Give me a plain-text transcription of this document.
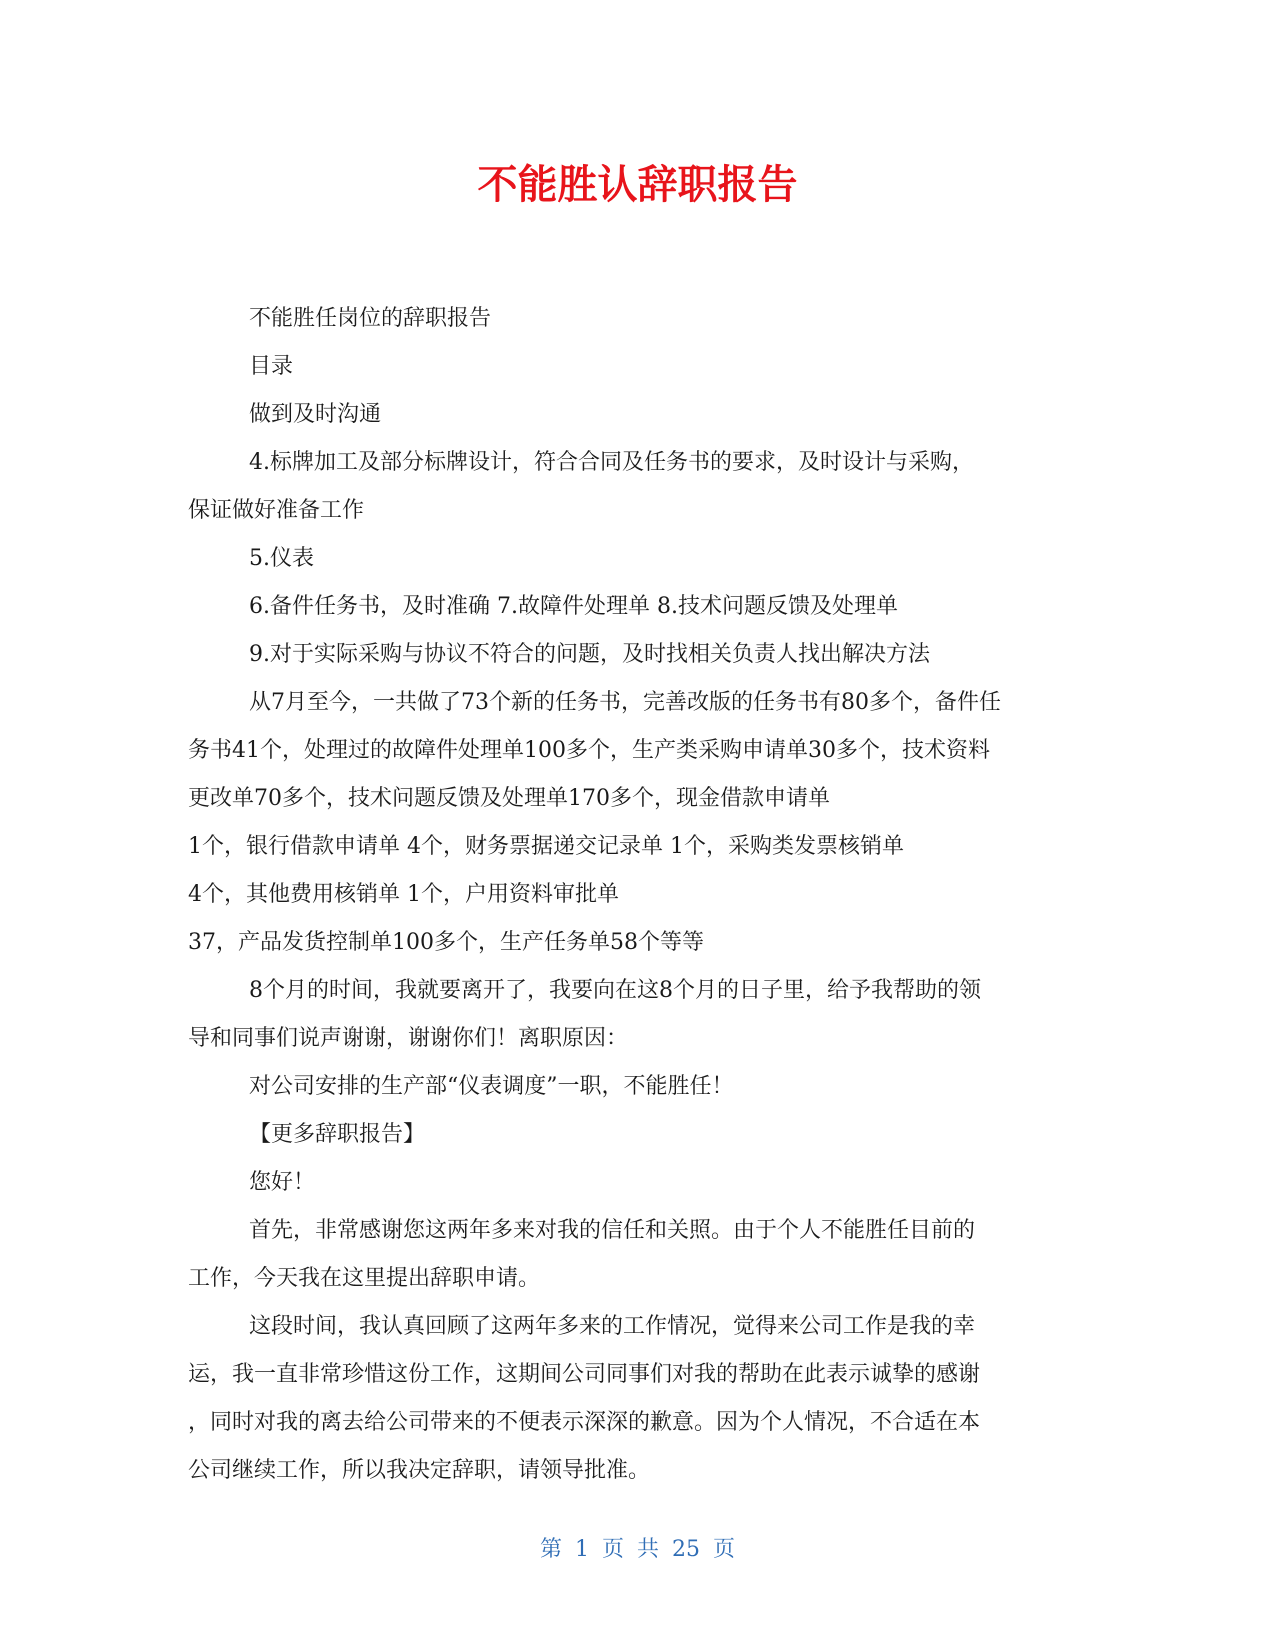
不能胜认辞职报告

不能胜任岗位的辞职报告

目录

做到及时沟通

4.标牌加工及部分标牌设计，符合合同及任务书的要求，及时设计与采购，

保证做好准备工作

5.仪表

6.备件任务书，及时准确 7.故障件处理单 8.技术问题反馈及处理单

9.对于实际采购与协议不符合的问题，及时找相关负责人找出解决方法

从7月至今，一共做了73个新的任务书，完善改版的任务书有80多个，备件任

务书41个，处理过的故障件处理单100多个，生产类采购申请单30多个，技术资料

更改单70多个，技术问题反馈及处理单170多个，现金借款申请单

1个，银行借款申请单 4个，财务票据递交记录单 1个，采购类发票核销单

4个，其他费用核销单 1个，户用资料审批单

37，产品发货控制单100多个，生产任务单58个等等

8个月的时间，我就要离开了，我要向在这8个月的日子里，给予我帮助的领

导和同事们说声谢谢，谢谢你们！离职原因：

对公司安排的生产部“仪表调度”一职，不能胜任！

【更多辞职报告】

您好！

首先，非常感谢您这两年多来对我的信任和关照。由于个人不能胜任目前的

工作，今天我在这里提出辞职申请。

这段时间，我认真回顾了这两年多来的工作情况，觉得来公司工作是我的幸

运，我一直非常珍惜这份工作，这期间公司同事们对我的帮助在此表示诚挚的感谢

，同时对我的离去给公司带来的不便表示深深的歉意。因为个人情况，不合适在本

公司继续工作，所以我决定辞职，请领导批准。

第 1 页 共 25 页
